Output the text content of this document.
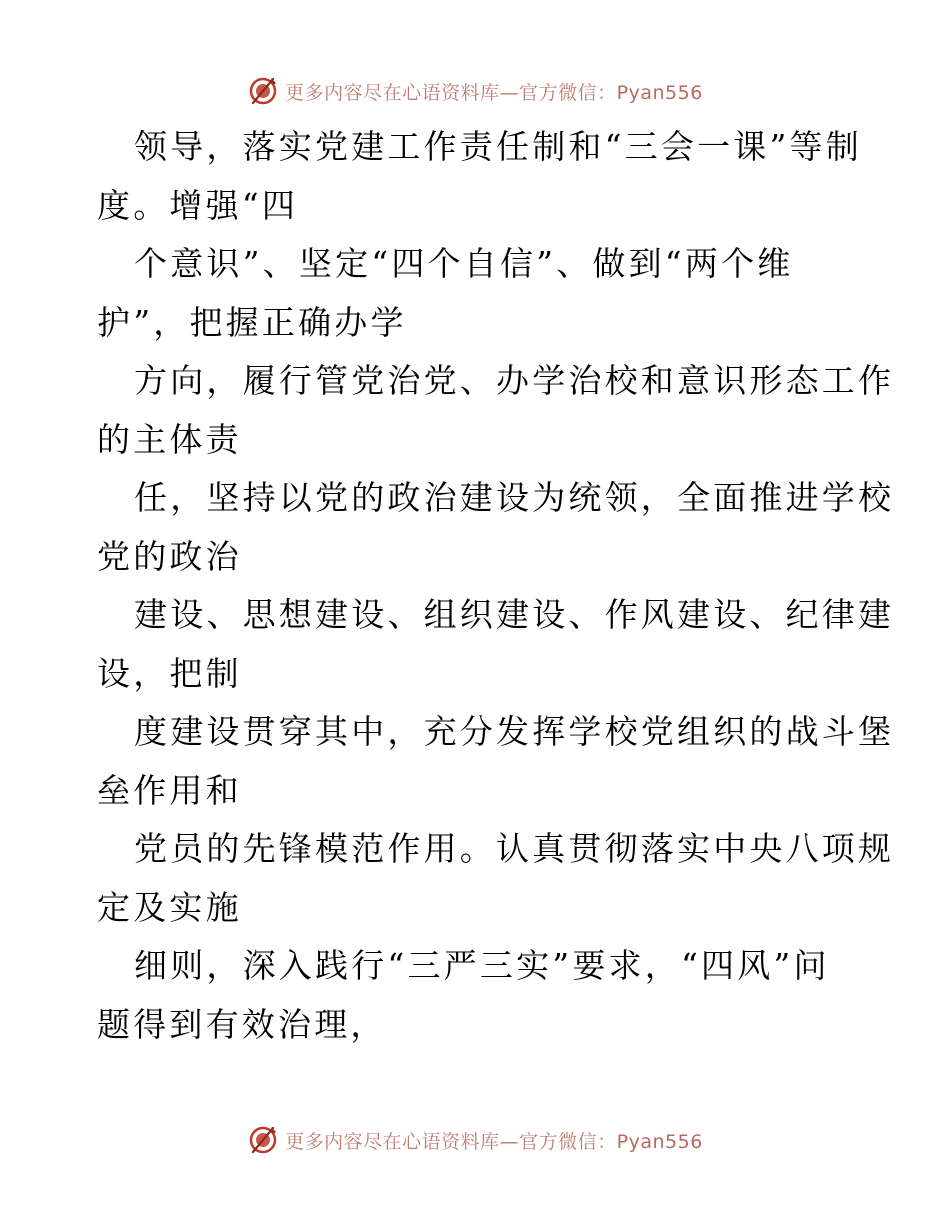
更多内容尽在心语资料库—官方微信：Pyan556
领导，落实党建工作责任制和“三会一课”等制
度。增强“四
个意识”、坚定“四个自信”、做到“两个维
护”，把握正确办学
方向，履行管党治党、办学治校和意识形态工作
的主体责
任，坚持以党的政治建设为统领，全面推进学校
党的政治
建设、思想建设、组织建设、作风建设、纪律建
设，把制
度建设贯穿其中，充分发挥学校党组织的战斗堡
垒作用和
党员的先锋模范作用。认真贯彻落实中央八项规
定及实施
细则，深入践行“三严三实”要求，“四风”问
题得到有效治理，
更多内容尽在心语资料库—官方微信：Pyan556
